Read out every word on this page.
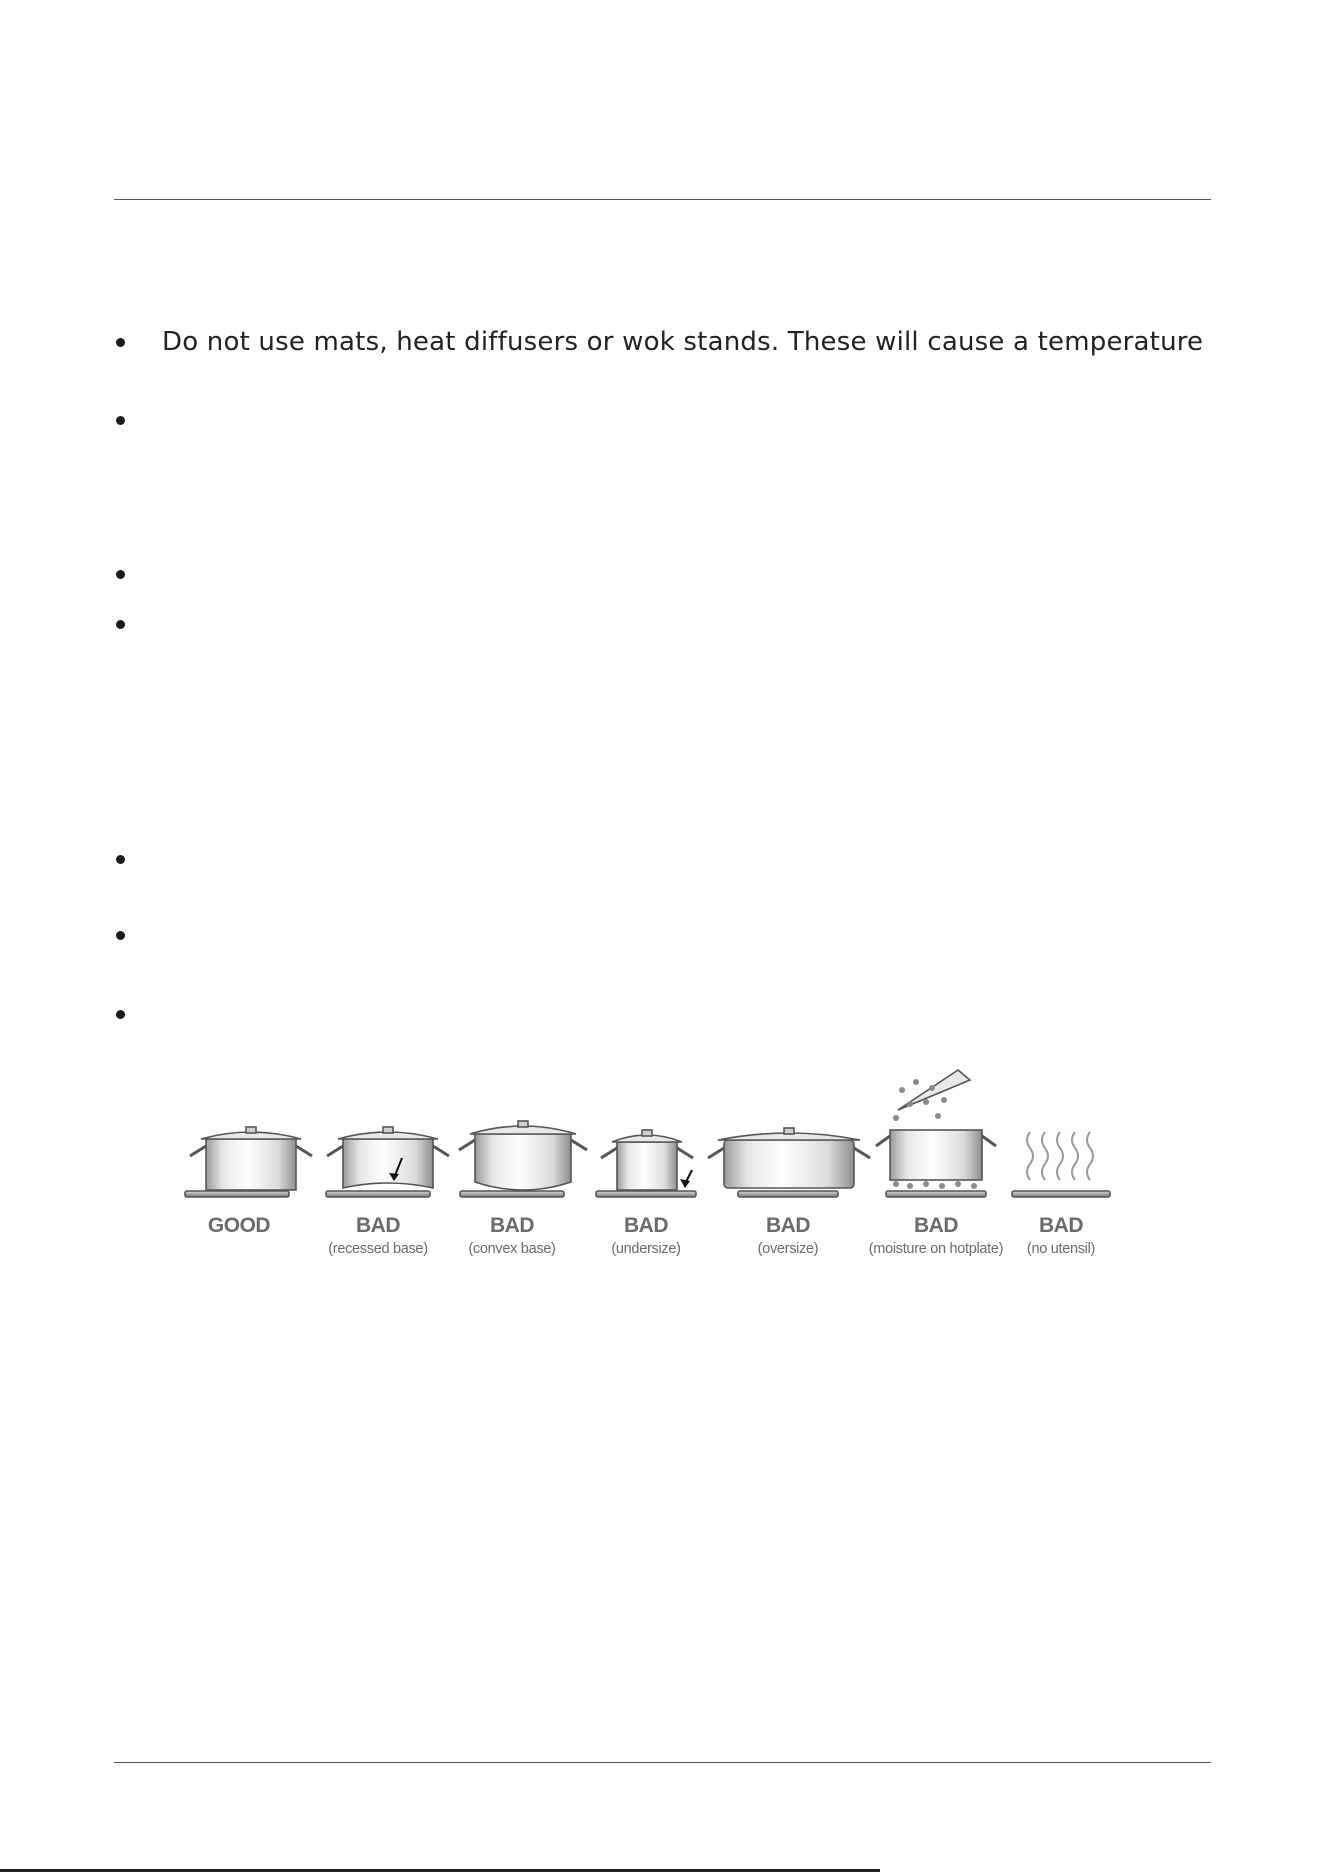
Do not use mats, heat diffusers or wok stands. These will cause a temperature
GOOD	BAD
(recessed base)
BAD
(convex base)
BAD
(undersize)
BAD
(oversize)
BAD
(moisture on hotplate)
BAD
(no utensil)
